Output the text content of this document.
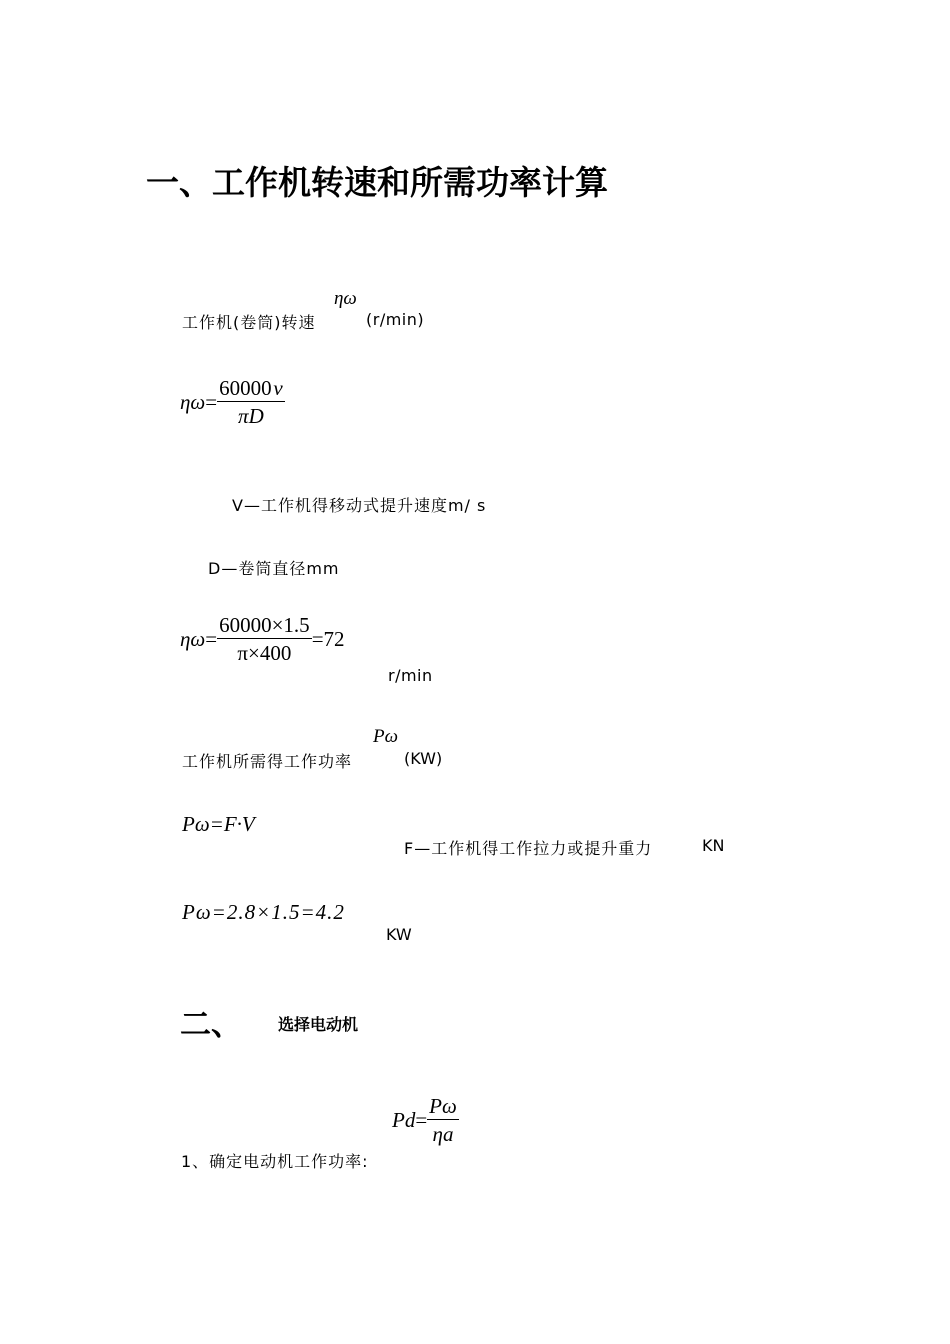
一、工作机转速和所需功率计算
工作机(卷筒)转速
ηω
(r/min)
$\eta\omega = \frac{60000 v}{\pi D}$
V—工作机得移动式提升速度m/ s
D—卷筒直径mm
$\eta\omega = \frac{60000\times 1.5}{\pi\times 400} =72$
r/min
工作机所需得工作功率
Pω
(KW)
Pω=F·V
F—工作机得工作拉力或提升重力	KN
Pω=2.8×1.5=4.2
KW
二、 选择电动机
$Pd = \frac{P\omega}{\eta a}$
1、确定电动机工作功率:
